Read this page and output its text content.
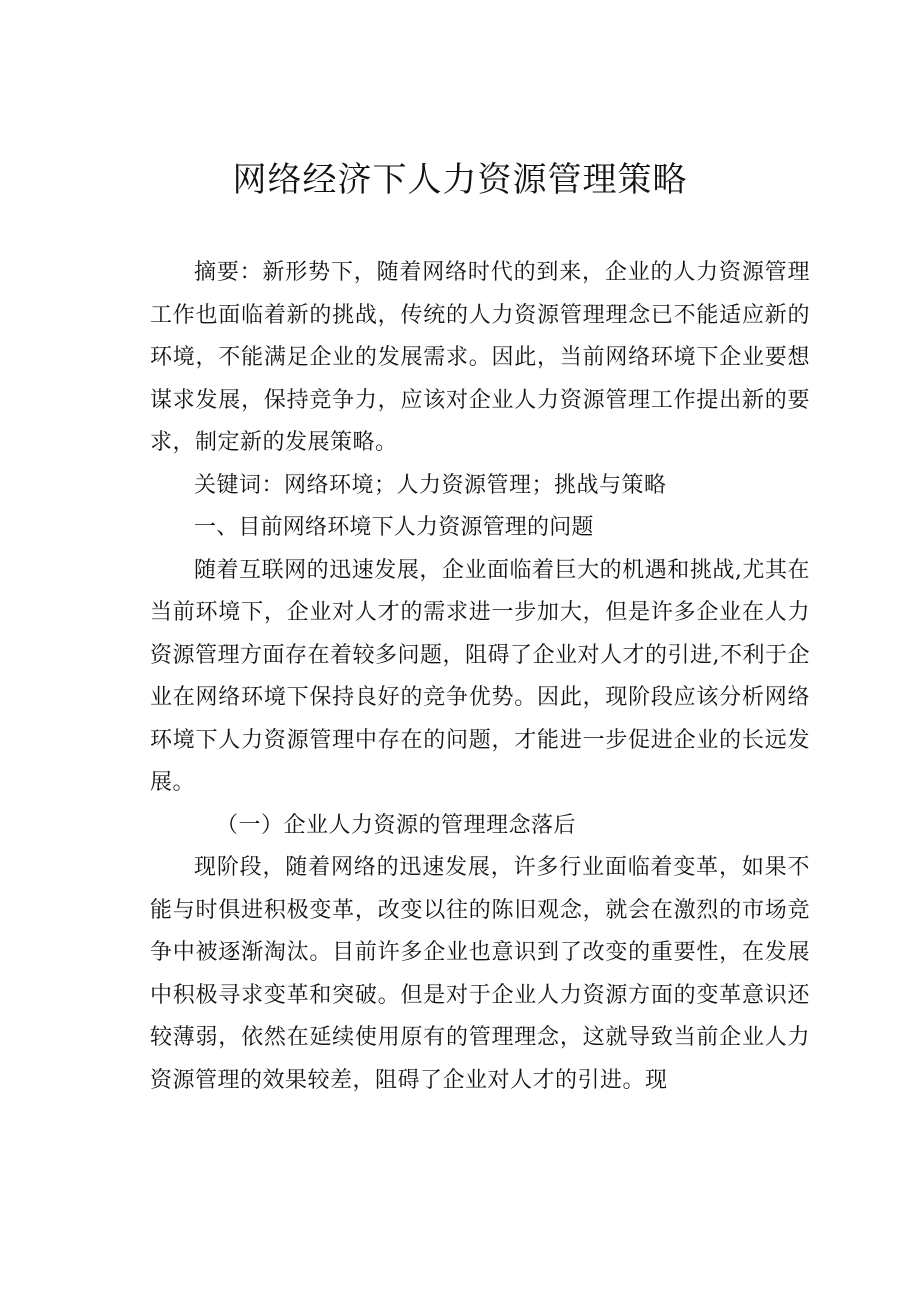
网络经济下人力资源管理策略

摘要：新形势下，随着网络时代的到来，企业的人力资源管理工作也面临着新的挑战，传统的人力资源管理理念已不能适应新的环境，不能满足企业的发展需求。因此，当前网络环境下企业要想谋求发展，保持竞争力，应该对企业人力资源管理工作提出新的要求，制定新的发展策略。

关键词：网络环境；人力资源管理；挑战与策略

一、目前网络环境下人力资源管理的问题

随着互联网的迅速发展，企业面临着巨大的机遇和挑战,尤其在当前环境下，企业对人才的需求进一步加大，但是许多企业在人力资源管理方面存在着较多问题，阻碍了企业对人才的引进,不利于企业在网络环境下保持良好的竞争优势。因此，现阶段应该分析网络环境下人力资源管理中存在的问题，才能进一步促进企业的长远发展。

（一）企业人力资源的管理理念落后

现阶段，随着网络的迅速发展，许多行业面临着变革，如果不能与时俱进积极变革，改变以往的陈旧观念，就会在激烈的市场竞争中被逐渐淘汰。目前许多企业也意识到了改变的重要性，在发展中积极寻求变革和突破。但是对于企业人力资源方面的变革意识还较薄弱，依然在延续使用原有的管理理念，这就导致当前企业人力资源管理的效果较差，阻碍了企业对人才的引进。现
